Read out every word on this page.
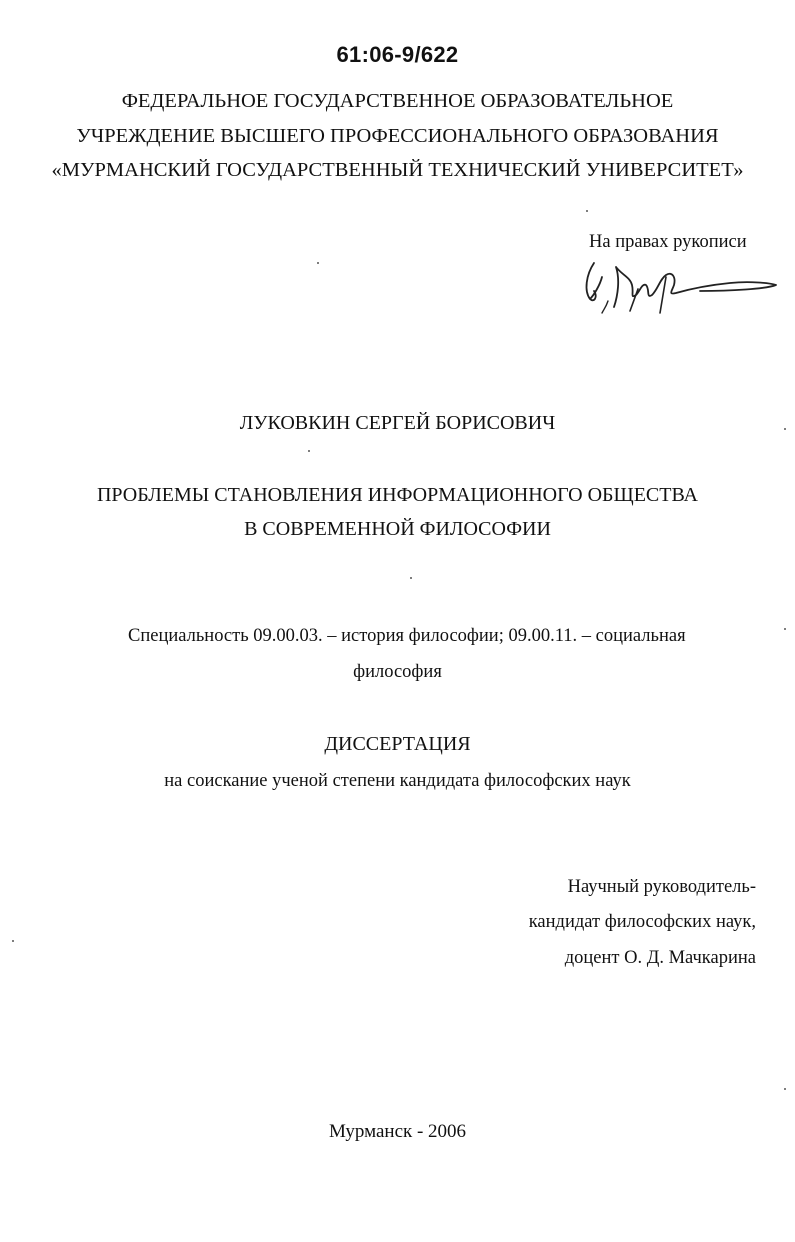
61:06-9/622
ФЕДЕРАЛЬНОЕ ГОСУДАРСТВЕННОЕ ОБРАЗОВАТЕЛЬНОЕ
УЧРЕЖДЕНИЕ ВЫСШЕГО ПРОФЕССИОНАЛЬНОГО ОБРАЗОВАНИЯ
«МУРМАНСКИЙ ГОСУДАРСТВЕННЫЙ ТЕХНИЧЕСКИЙ УНИВЕРСИТЕТ»
На правах рукописи
ЛУКОВКИН СЕРГЕЙ БОРИСОВИЧ
ПРОБЛЕМЫ СТАНОВЛЕНИЯ ИНФОРМАЦИОННОГО ОБЩЕСТВА
В СОВРЕМЕННОЙ ФИЛОСОФИИ
Специальность 09.00.03. – история философии; 09.00.11. – социальная
философия
ДИССЕРТАЦИЯ
на соискание ученой степени кандидата философских наук
Научный руководитель-
кандидат философских наук,
доцент О. Д. Мачкарина
Мурманск - 2006
